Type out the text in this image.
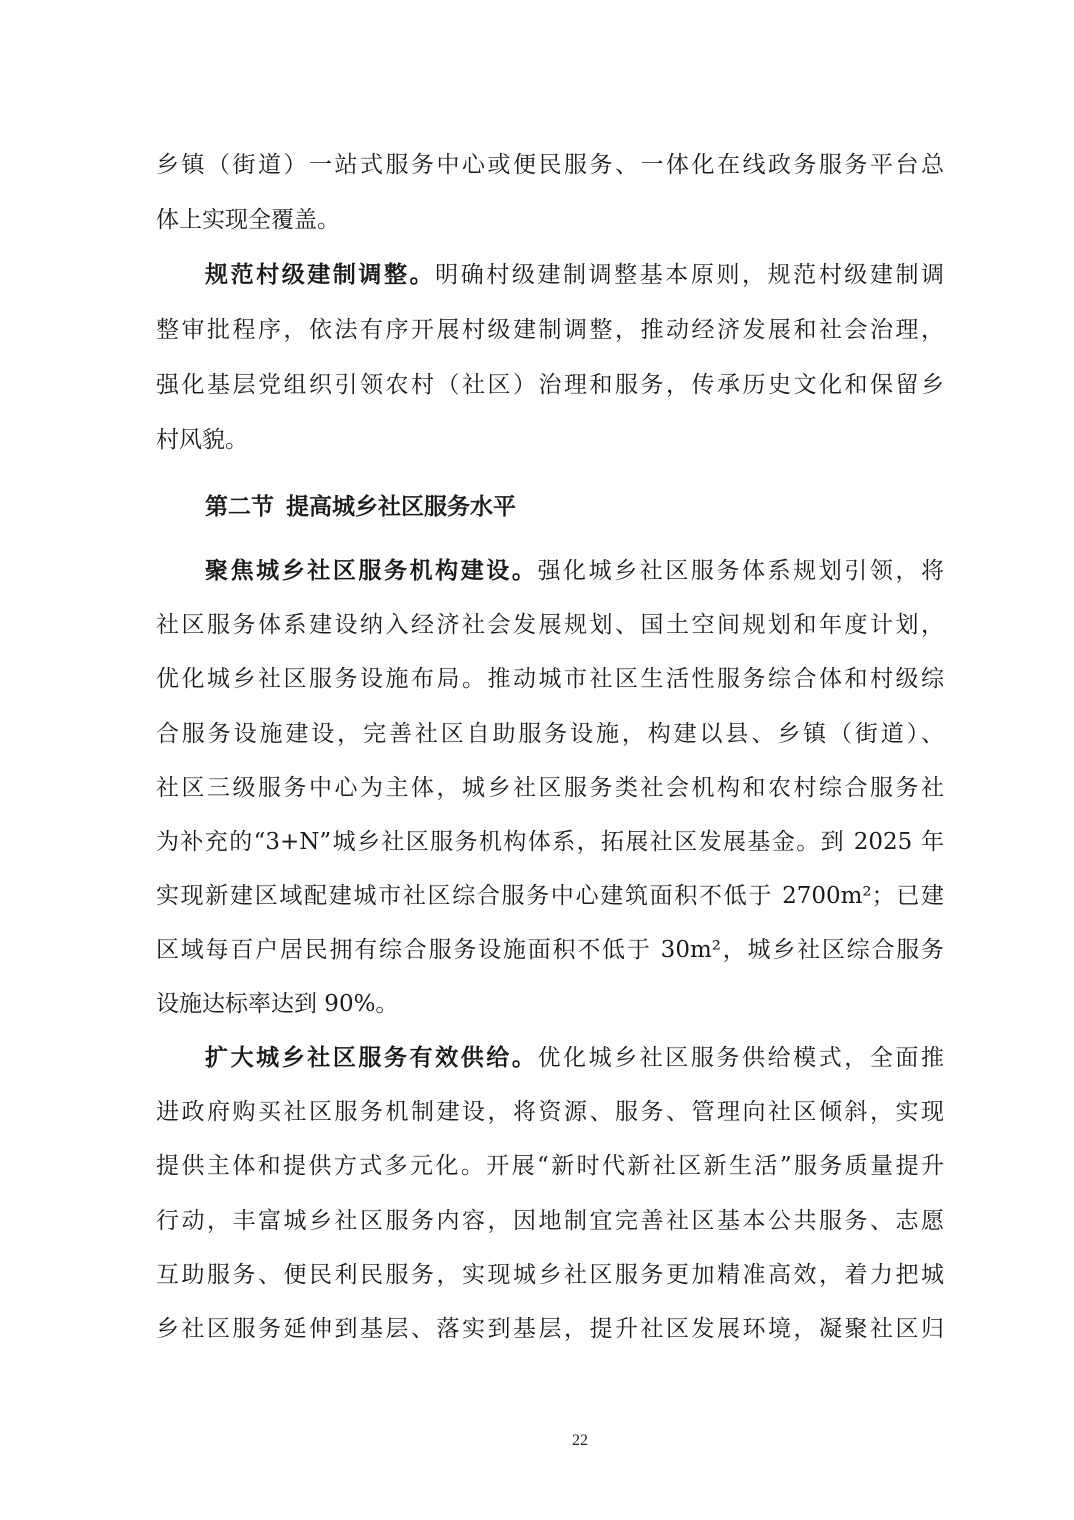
乡镇（街道）一站式服务中心或便民服务、一体化在线政务服务平台总
体上实现全覆盖。
规范村级建制调整。明确村级建制调整基本原则，规范村级建制调
整审批程序，依法有序开展村级建制调整，推动经济发展和社会治理，
强化基层党组织引领农村（社区）治理和服务，传承历史文化和保留乡
村风貌。
第二节 提高城乡社区服务水平
聚焦城乡社区服务机构建设。强化城乡社区服务体系规划引领，将
社区服务体系建设纳入经济社会发展规划、国土空间规划和年度计划，
优化城乡社区服务设施布局。推动城市社区生活性服务综合体和村级综
合服务设施建设，完善社区自助服务设施，构建以县、乡镇（街道）、
社区三级服务中心为主体，城乡社区服务类社会机构和农村综合服务社
为补充的“3+N”城乡社区服务机构体系，拓展社区发展基金。到 2025 年
实现新建区域配建城市社区综合服务中心建筑面积不低于 2700m²；已建
区域每百户居民拥有综合服务设施面积不低于 30m²，城乡社区综合服务
设施达标率达到 90%。
扩大城乡社区服务有效供给。优化城乡社区服务供给模式，全面推
进政府购买社区服务机制建设，将资源、服务、管理向社区倾斜，实现
提供主体和提供方式多元化。开展“新时代新社区新生活”服务质量提升
行动，丰富城乡社区服务内容，因地制宜完善社区基本公共服务、志愿
互助服务、便民利民服务，实现城乡社区服务更加精准高效，着力把城
乡社区服务延伸到基层、落实到基层，提升社区发展环境，凝聚社区归
22
